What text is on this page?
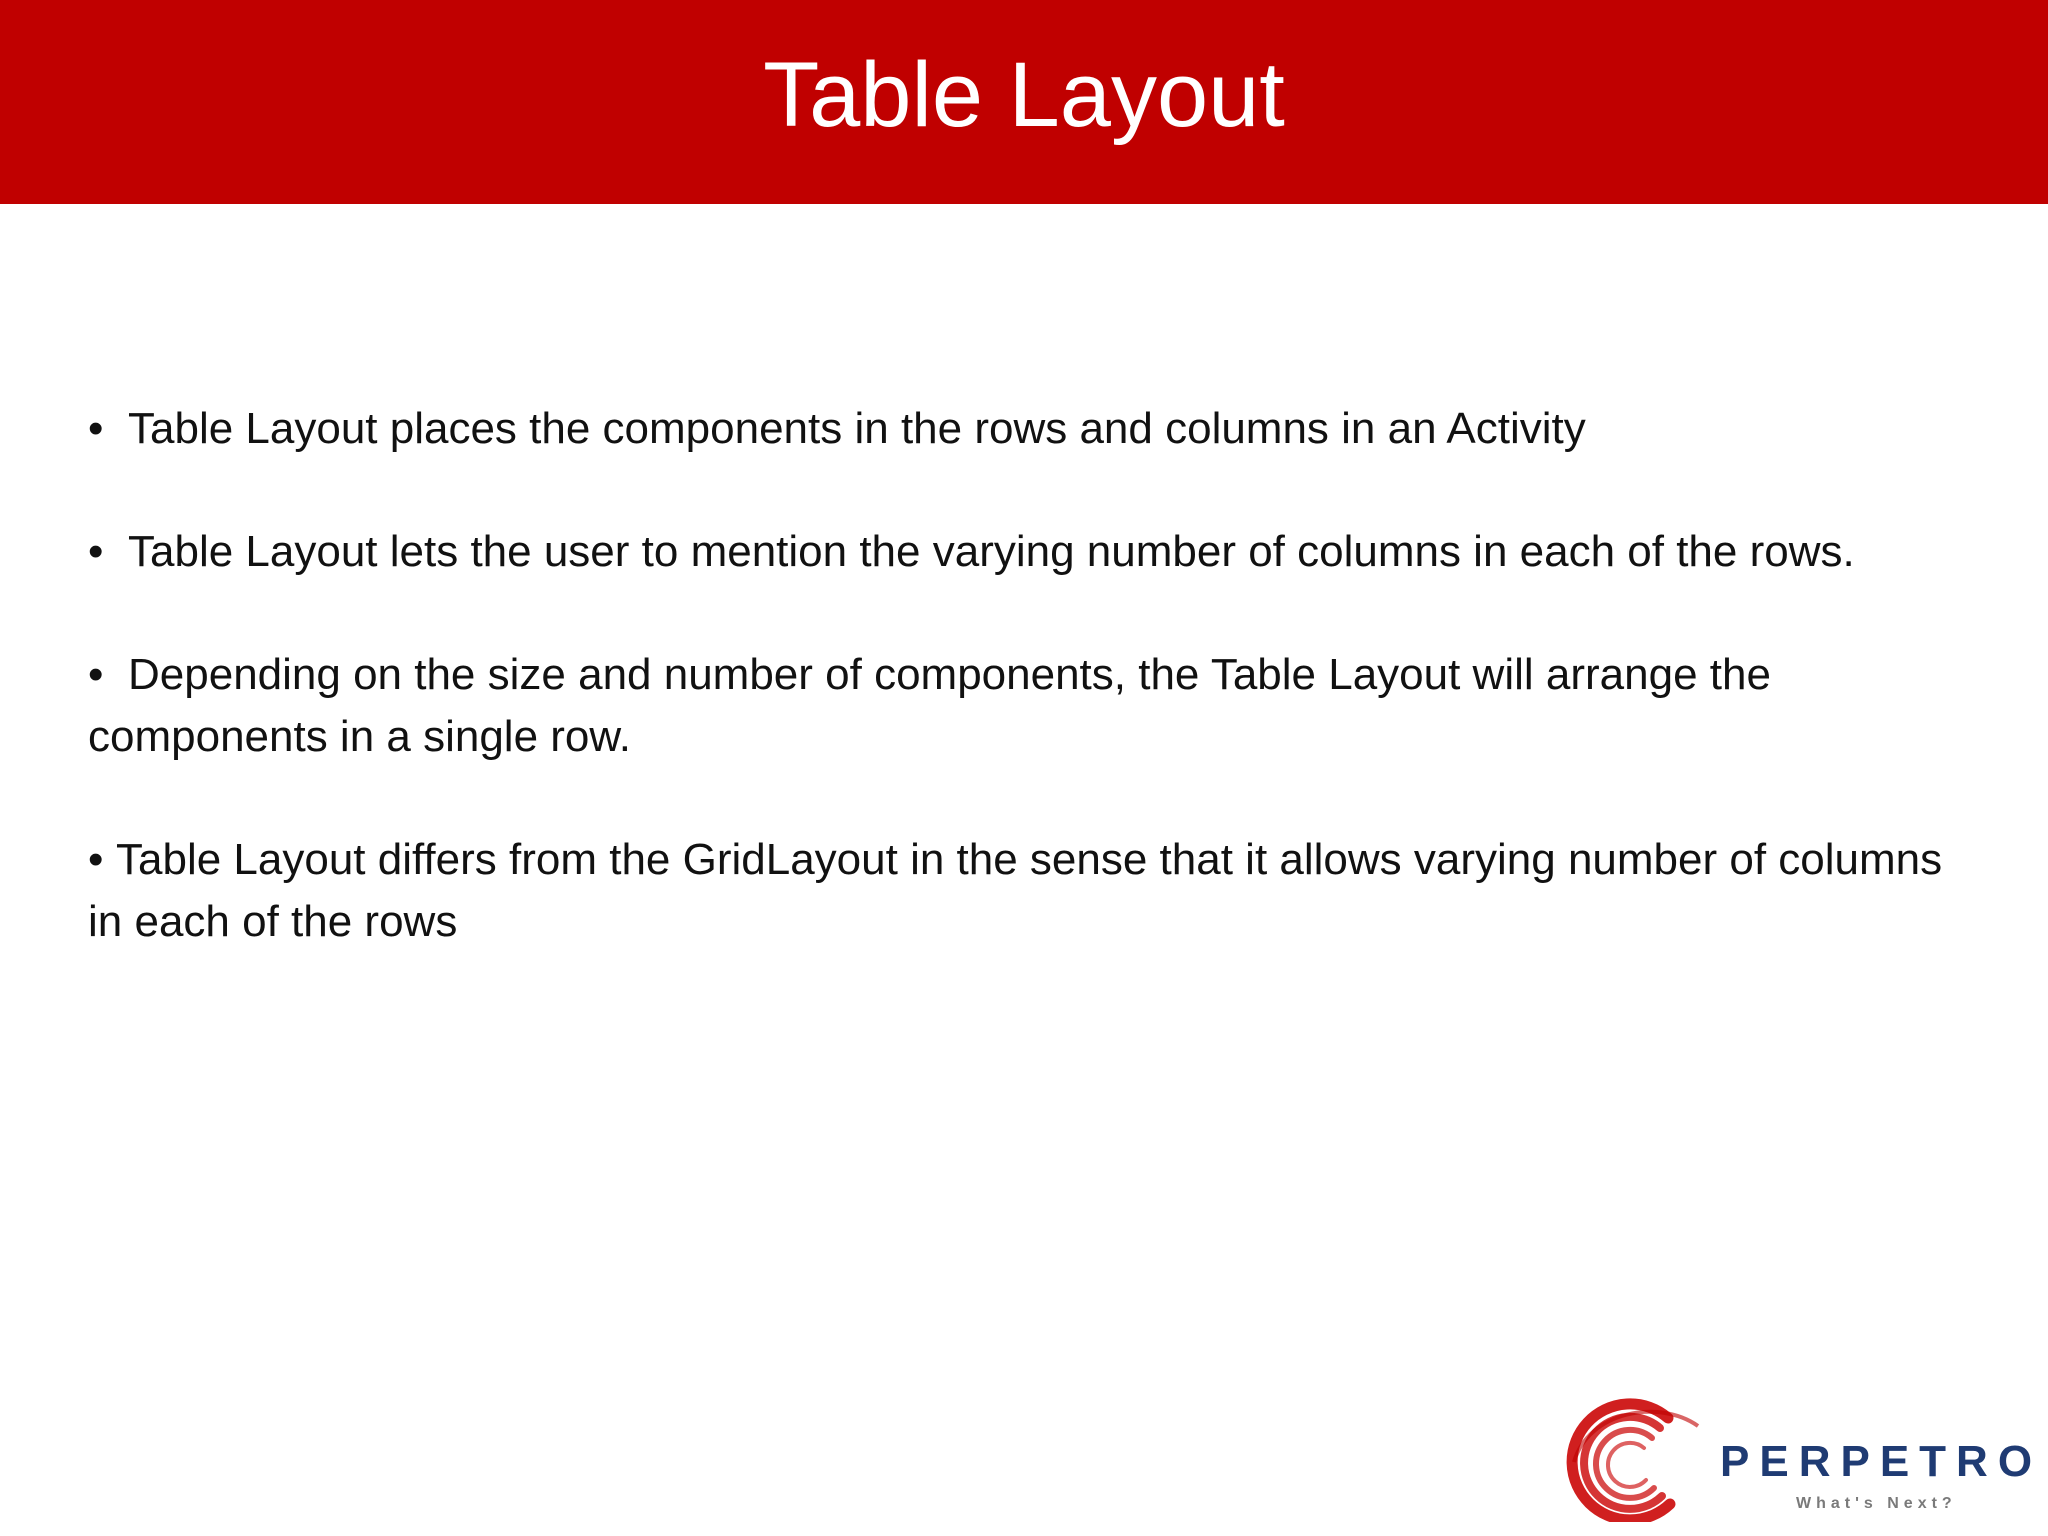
Table Layout

• Table Layout places the components in the rows and columns in an Activity

• Table Layout lets the user to mention the varying number of columns in each of the rows.

• Depending on the size and number of components, the Table Layout will arrange the components in a single row.

• Table Layout differs from the GridLayout in the sense that it allows varying number of columns in each of the rows

PERPETRO
What's Next?
